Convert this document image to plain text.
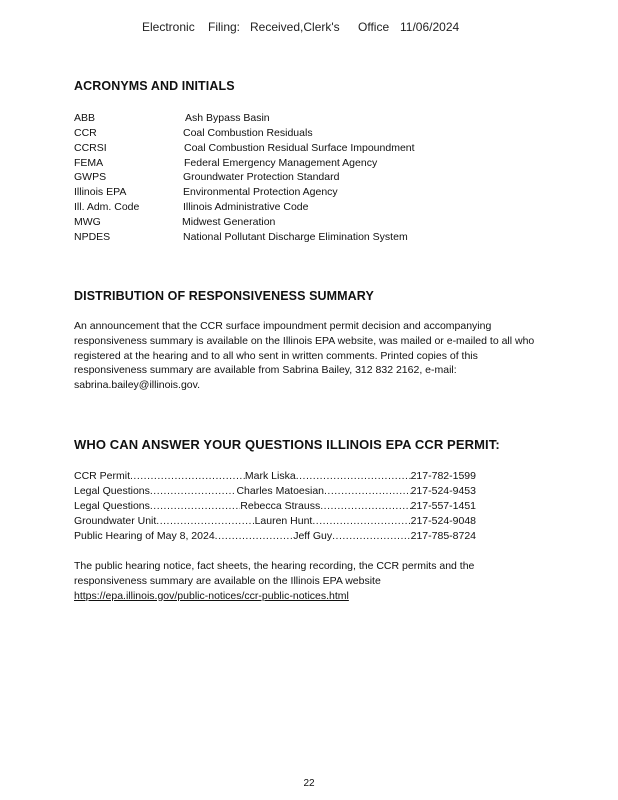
Electronic Filing: Received,Clerk's Office 11/06/2024
ACRONYMS AND INITIALS
ABB	Ash Bypass Basin
CCR	Coal Combustion Residuals
CCRSI	Coal Combustion Residual Surface Impoundment
FEMA	Federal Emergency Management Agency
GWPS	Groundwater Protection Standard
Illinois EPA	Environmental Protection Agency
Ill. Adm. Code	Illinois Administrative Code
MWG	Midwest Generation
NPDES	National Pollutant Discharge Elimination System
DISTRIBUTION OF RESPONSIVENESS SUMMARY

An announcement that the CCR surface impoundment permit decision and accompanying responsiveness summary is available on the Illinois EPA website, was mailed or e-mailed to all who registered at the hearing and to all who sent in written comments. Printed copies of this responsiveness summary are available from Sabrina Bailey, 312 832 2162, e-mail: sabrina.bailey@illinois.gov.

WHO CAN ANSWER YOUR QUESTIONS ILLINOIS EPA CCR PERMIT:
CCR Permit .....	Mark Liska .....	217-782-1599
Legal Questions .....	Charles Matoesian .....	217-524-9453
Legal Questions .....	Rebecca Strauss .....	217-557-1451
Groundwater Unit .....	Lauren Hunt .....	217-524-9048
Public Hearing of May 8, 2024 .....	Jeff Guy .....	217-785-8724

The public hearing notice, fact sheets, the hearing recording, the CCR permits and the responsiveness summary are available on the Illinois EPA website
https://epa.illinois.gov/public-notices/ccr-public-notices.html

22
